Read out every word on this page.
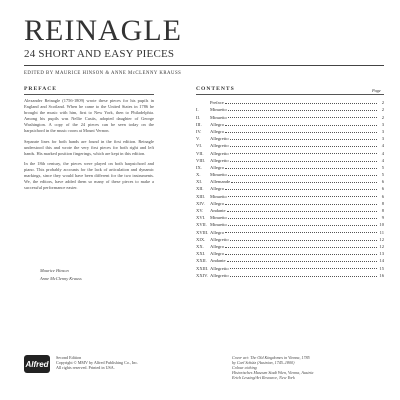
REINAGLE
24 SHORT AND EASY PIECES
EDITED BY MAURICE HINSON & ANNE McCLENNY KRAUSS
PREFACE

Alexander Reinagle (1756-1809) wrote these pieces for his pupils in England and Scotland. When he came to the United States in 1786 he brought the music with him, first to New York, then to Philadelphia. Among his pupils was Nellie Custis, adopted daughter of George Washington. A copy of the 24 pieces can be seen today on the harpsichord in the music room at Mount Vernon.

Separate lines for both hands are found in the first edition. Reinagle understood this and wrote the very first pieces for both right and left hands. His marked position fingerings, which are kept in this edition.

In the 18th century, the pieces were played on both harpsichord and piano. This probably accounts for the lack of articulation and dynamic markings, since they would have been different for the two instruments. We, the editors, have added them so many of these pieces to make a successful performance easier.

Maurice Hinson
Anne McClenny Krauss
CONTENTS	Page
Preface	2
I.	Minuetto	2
II.	Minuetto	2
III.	Allegro	3
IV.	Allegro	3
V.	Allegretto	3
VI.	Allegretto	4
VII.	Allegretto	4
VIII.	Allegretto	4
IX.	Allegro	5
X.	Minuetto	5
XI.	Allemande	6
XII.	Allegro	6
XIII.	Minuetto	6
XIV.	Allegro	8
XV.	Andante	8
XVI.	Minuetto	9
XVII. Minuetto	10
XVIII. Allegro	11
XIX.	Allegretto	12
XX.	Allegro	12
XXI.	Allegro	13
XXII. Andante	14
XXIII. Allegretto	15
XXIV. Allegretto	16
Alfred
Second Edition
Copyright © MMV by Alfred Publishing Co., Inc.
All rights reserved. Printed in USA.
Cover art: The Old Kingdomes in Vienna, 1785
by Carl Schütz (Austrian, 1745–1800)
Colour etching
Historisches Museum Stadt Wien, Vienna, Austria
Erich Lessing/Art Resource, New York
